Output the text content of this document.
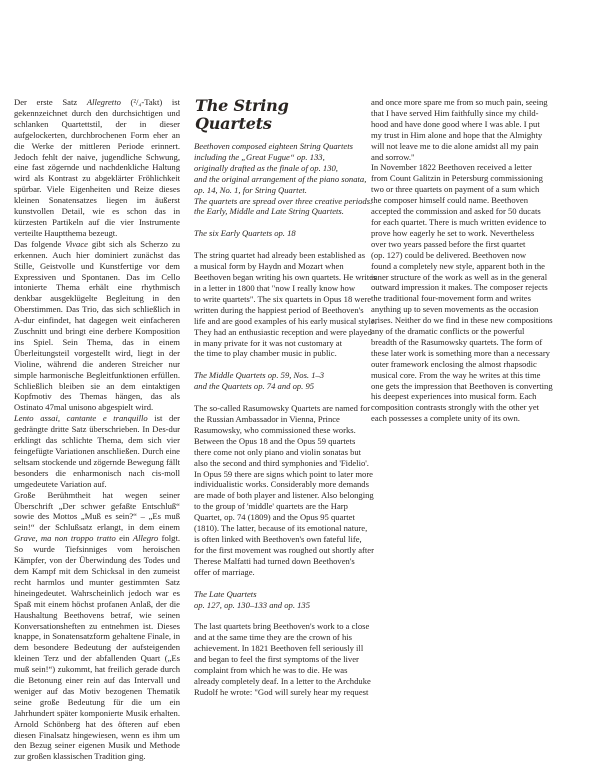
Der erste Satz Allegretto (²/₄-Takt) ist gekennzeichnet durch den durchsichtigen und schlanken Quartettstil, der in dieser aufgelockerten, durchbrochenen Form eher an die Werke der mittleren Periode erinnert. Jedoch fehlt der naive, jugendliche Schwung, eine fast zögernde und nachdenkliche Haltung wird als Kontrast zu abgeklärter Fröhlichkeit spürbar. Viele Eigenheiten und Reize dieses kleinen Sonatensatzes liegen im äußerst kunstvollen Detail, wie es schon das in kürzesten Partikeln auf die vier Instrumente verteilte Hauptthema bezeugt.

Das folgende Vivace gibt sich als Scherzo zu erkennen. Auch hier dominiert zunächst das Stille, Geistvolle und Kunstfertige vor dem Expressiven und Spontanen. Das im Cello intonierte Thema erhält eine rhythmisch denkbar ausgeklügelte Begleitung in den Oberstimmen. Das Trio, das sich schließlich in A-dur einfindet, hat dagegen weit einfacheren Zuschnitt und bringt eine derbere Komposition ins Spiel. Sein Thema, das in einem Überleitungsteil vorgestellt wird, liegt in der Violine, während die anderen Streicher nur simple harmonische Begleitfunktionen erfüllen. Schließlich bleiben sie an dem eintaktigen Kopfmotiv des Themas hängen, das als Ostinato 47mal unisono abgespielt wird.

Lento assai, cantante e tranquillo ist der gedrängte dritte Satz überschrieben. In Des-dur erklingt das schlichte Thema, dem sich vier feingefügte Variationen anschließen. Durch eine seltsam stockende und zögernde Bewegung fällt besonders die enharmonisch nach cis-moll umgedeutete Variation auf.

Große Berühmtheit hat wegen seiner Überschrift „Der schwer gefaßte Entschluß“ sowie des Mottos „Muß es sein?“ – „Es muß sein!“ der Schlußsatz erlangt, in dem einem Grave, ma non troppo tratto ein Allegro folgt. So wurde Tiefsinniges vom heroischen Kämpfer, von der Überwindung des Todes und dem Kampf mit dem Schicksal in den zumeist recht harmlos und munter gestimmten Satz hineingedeutet. Wahrscheinlich jedoch war es Spaß mit einem höchst profanen Anlaß, der die Haushaltung Beethovens betraf, wie seinen Konversationsheften zu entnehmen ist. Dieses knappe, in Sonatensatzform gehaltene Finale, in dem besondere Bedeutung der aufsteigenden kleinen Terz und der abfallenden Quart („Es muß sein!“) zukommt, hat freilich gerade durch die Betonung einer rein auf das Intervall und weniger auf das Motiv bezogenen Thematik seine große Bedeutung für die um ein Jahrhundert später komponierte Musik erhalten. Arnold Schönberg hat des öfteren auf eben diesen Finalsatz hingewiesen, wenn es ihm um den Bezug seiner eigenen Musik und Methode zur großen klassischen Tradition ging.

The String Quartets
Beethoven composed eighteen String Quartets
including the „Great Fugue“ op. 133,
originally drafted as the finale of op. 130,
and the original arrangement of the piano sonata,
op. 14, No. 1, for String Quartet.
The quartets are spread over three creative periods:
the Early, Middle and Late String Quartets.

The six Early Quartets op. 18

The string quartet had already been established as
a musical form by Haydn and Mozart when
Beethoven began writing his own quartets. He writes
in a letter in 1800 that "now I really know how
to write quartets". The six quartets in Opus 18 were
written during the happiest period of Beethoven's
life and are good examples of his early musical style.
They had an enthusiastic reception and were played
in many private for it was not customary at
the time to play chamber music in public.

The Middle Quartets op. 59, Nos. 1–3
and the Quartets op. 74 and op. 95

The so-called Rasumowsky Quartets are named for
the Russian Ambassador in Vienna, Prince
Rasumowsky, who commissioned these works.
Between the Opus 18 and the Opus 59 quartets
there come not only piano and violin sonatas but
also the second and third symphonies and 'Fidelio'.
In Opus 59 there are signs which point to later more
individualistic works. Considerably more demands
are made of both player and listener. Also belonging
to the group of 'middle' quartets are the Harp
Quartet, op. 74 (1809) and the Opus 95 quartet
(1810). The latter, because of its emotional nature,
is often linked with Beethoven's own fateful life,
for the first movement was roughed out shortly after
Therese Malfatti had turned down Beethoven's
offer of marriage.

The Late Quartets
op. 127, op. 130–133 and op. 135

The last quartets bring Beethoven's work to a close
and at the same time they are the crown of his
achievement. In 1821 Beethoven fell seriously ill
and began to feel the first symptoms of the liver
complaint from which he was to die. He was
already completely deaf. In a letter to the Archduke
Rudolf he wrote: "God will surely hear my request

and once more spare me from so much pain, seeing
that I have served Him faithfully since my child-
hood and have done good where I was able. I put
my trust in Him alone and hope that the Almighty
will not leave me to die alone amidst all my pain
and sorrow."
In November 1822 Beethoven received a letter
from Count Galitzin in Petersburg commissioning
two or three quartets on payment of a sum which
the composer himself could name. Beethoven
accepted the commission and asked for 50 ducats
for each quartet. There is much written evidence to
prove how eagerly he set to work. Nevertheless
over two years passed before the first quartet
(op. 127) could be delivered. Beethoven now
found a completely new style, apparent both in the
inner structure of the work as well as in the general
outward impression it makes. The composer rejects
the traditional four-movement form and writes
anything up to seven movements as the occasion
arises. Neither do we find in these new compositions
any of the dramatic conflicts or the powerful
breadth of the Rasumowsky quartets. The form of
these later work is something more than a necessary
outer framework enclosing the almost rhapsodic
musical core. From the way he writes at this time
one gets the impression that Beethoven is converting
his deepest experiences into musical form. Each
composition contrasts strongly with the other yet
each possesses a complete unity of its own.
